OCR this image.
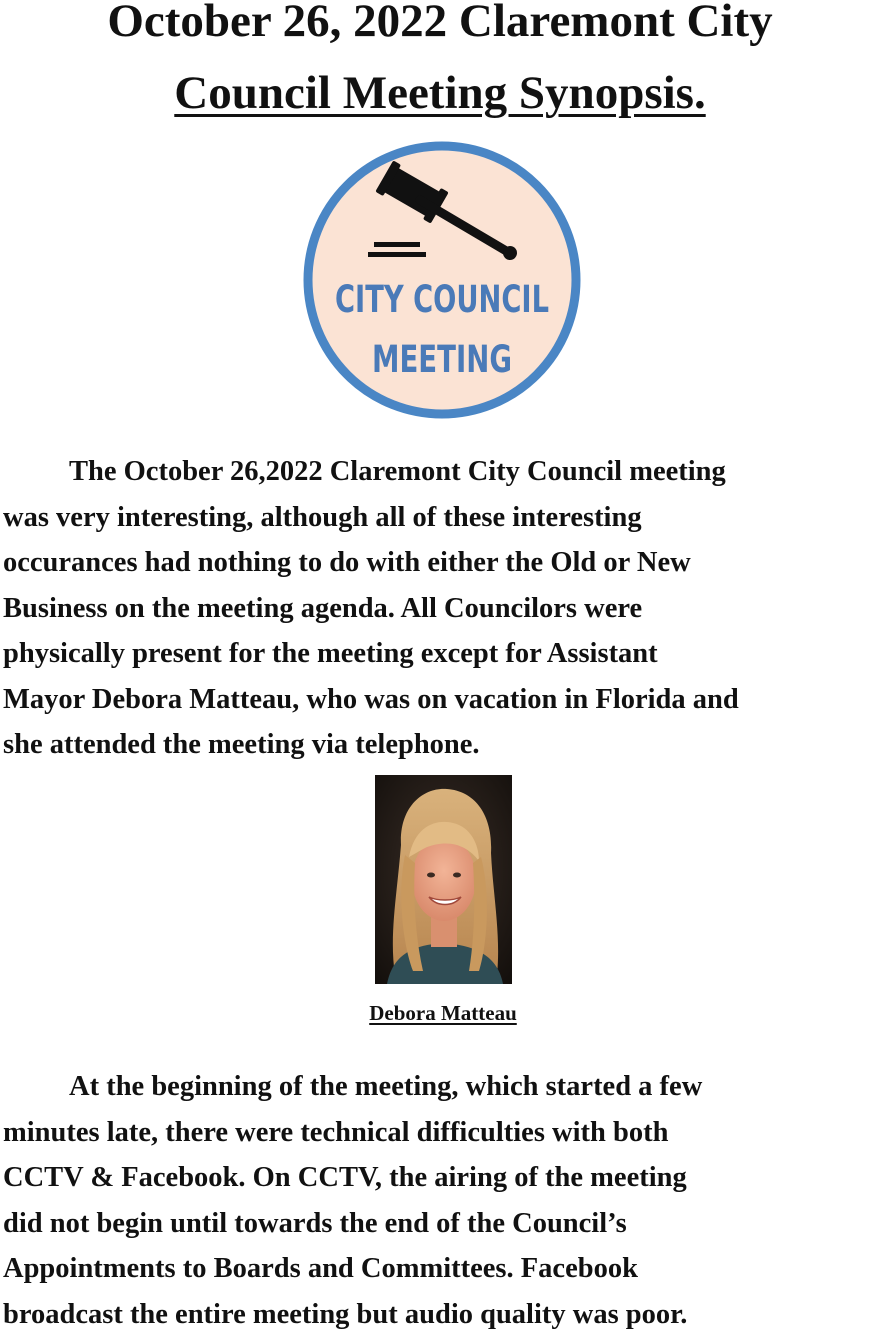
October 26, 2022 Claremont City
Council Meeting Synopsis.
CITY COUNCIL
MEETING

The October 26,2022 Claremont City Council meeting
was very interesting, although all of these interesting
occurances had nothing to do with either the Old or New
Business on the meeting agenda. All Councilors were
physically present for the meeting except for Assistant
Mayor Debora Matteau, who was on vacation in Florida and
she attended the meeting via telephone.

Debora Matteau

At the beginning of the meeting, which started a few
minutes late, there were technical difficulties with both
CCTV & Facebook. On CCTV, the airing of the meeting
did not begin until towards the end of the Council’s
Appointments to Boards and Committees. Facebook
broadcast the entire meeting but audio quality was poor.
